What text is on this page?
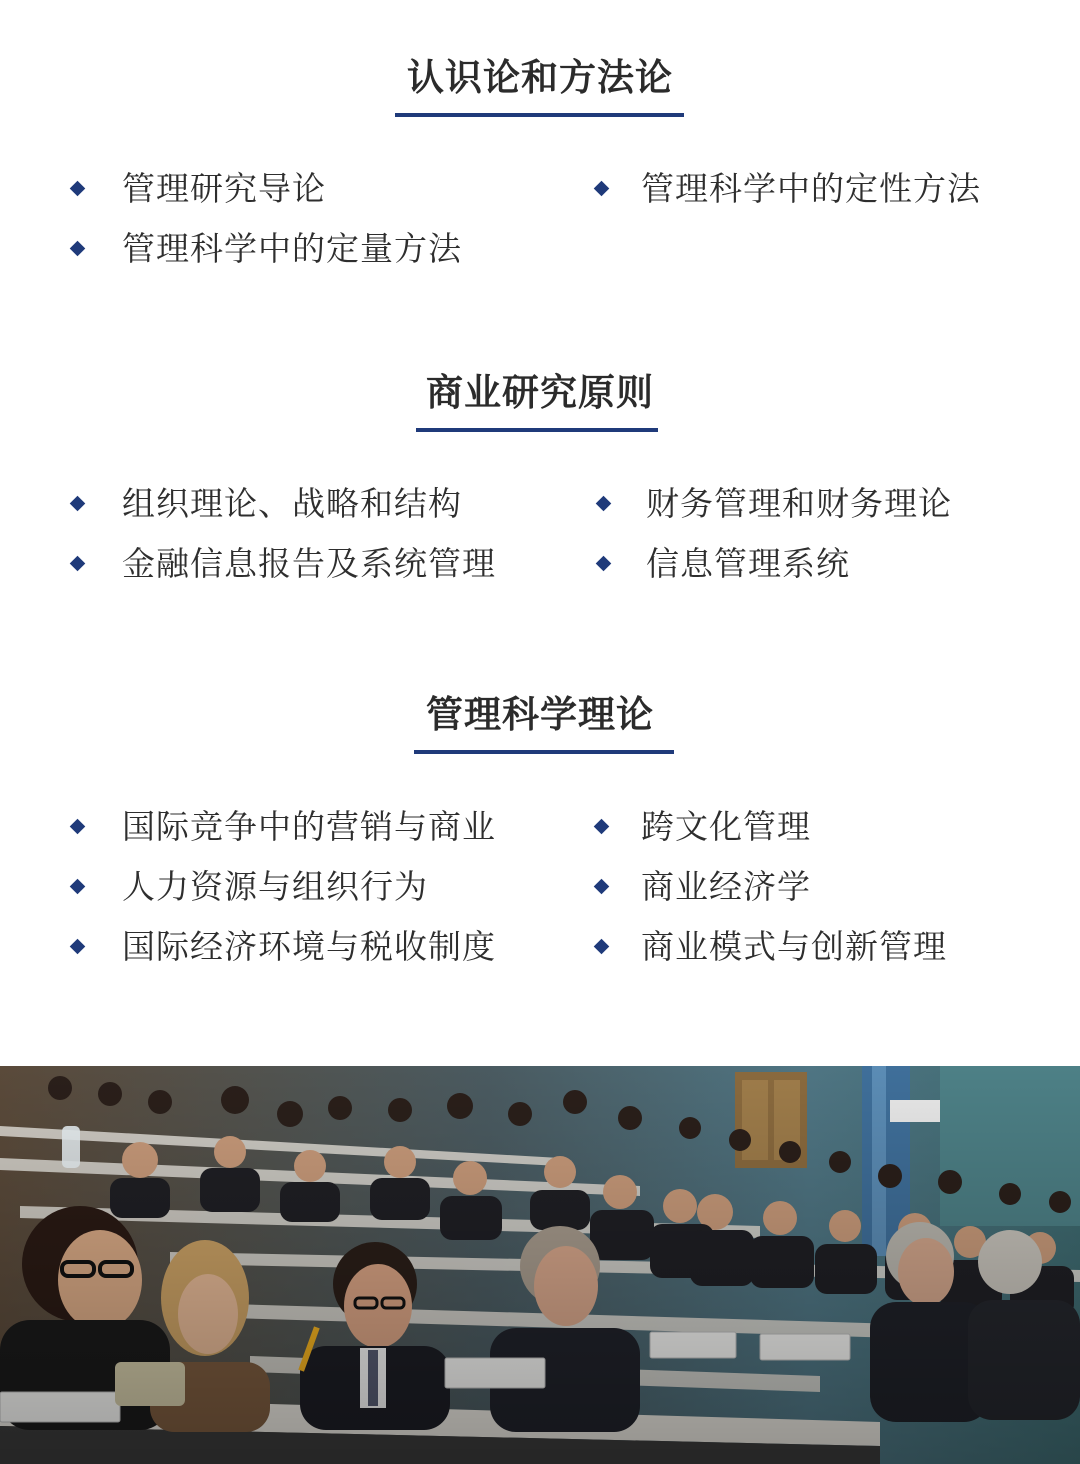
认识论和方法论
管理研究导论	管理科学中的定性方法
管理科学中的定量方法
商业研究原则
组织理论、战略和结构	财务管理和财务理论
金融信息报告及系统管理	信息管理系统
管理科学理论
国际竞争中的营销与商业	跨文化管理
人力资源与组织行为	商业经济学
国际经济环境与税收制度	商业模式与创新管理
